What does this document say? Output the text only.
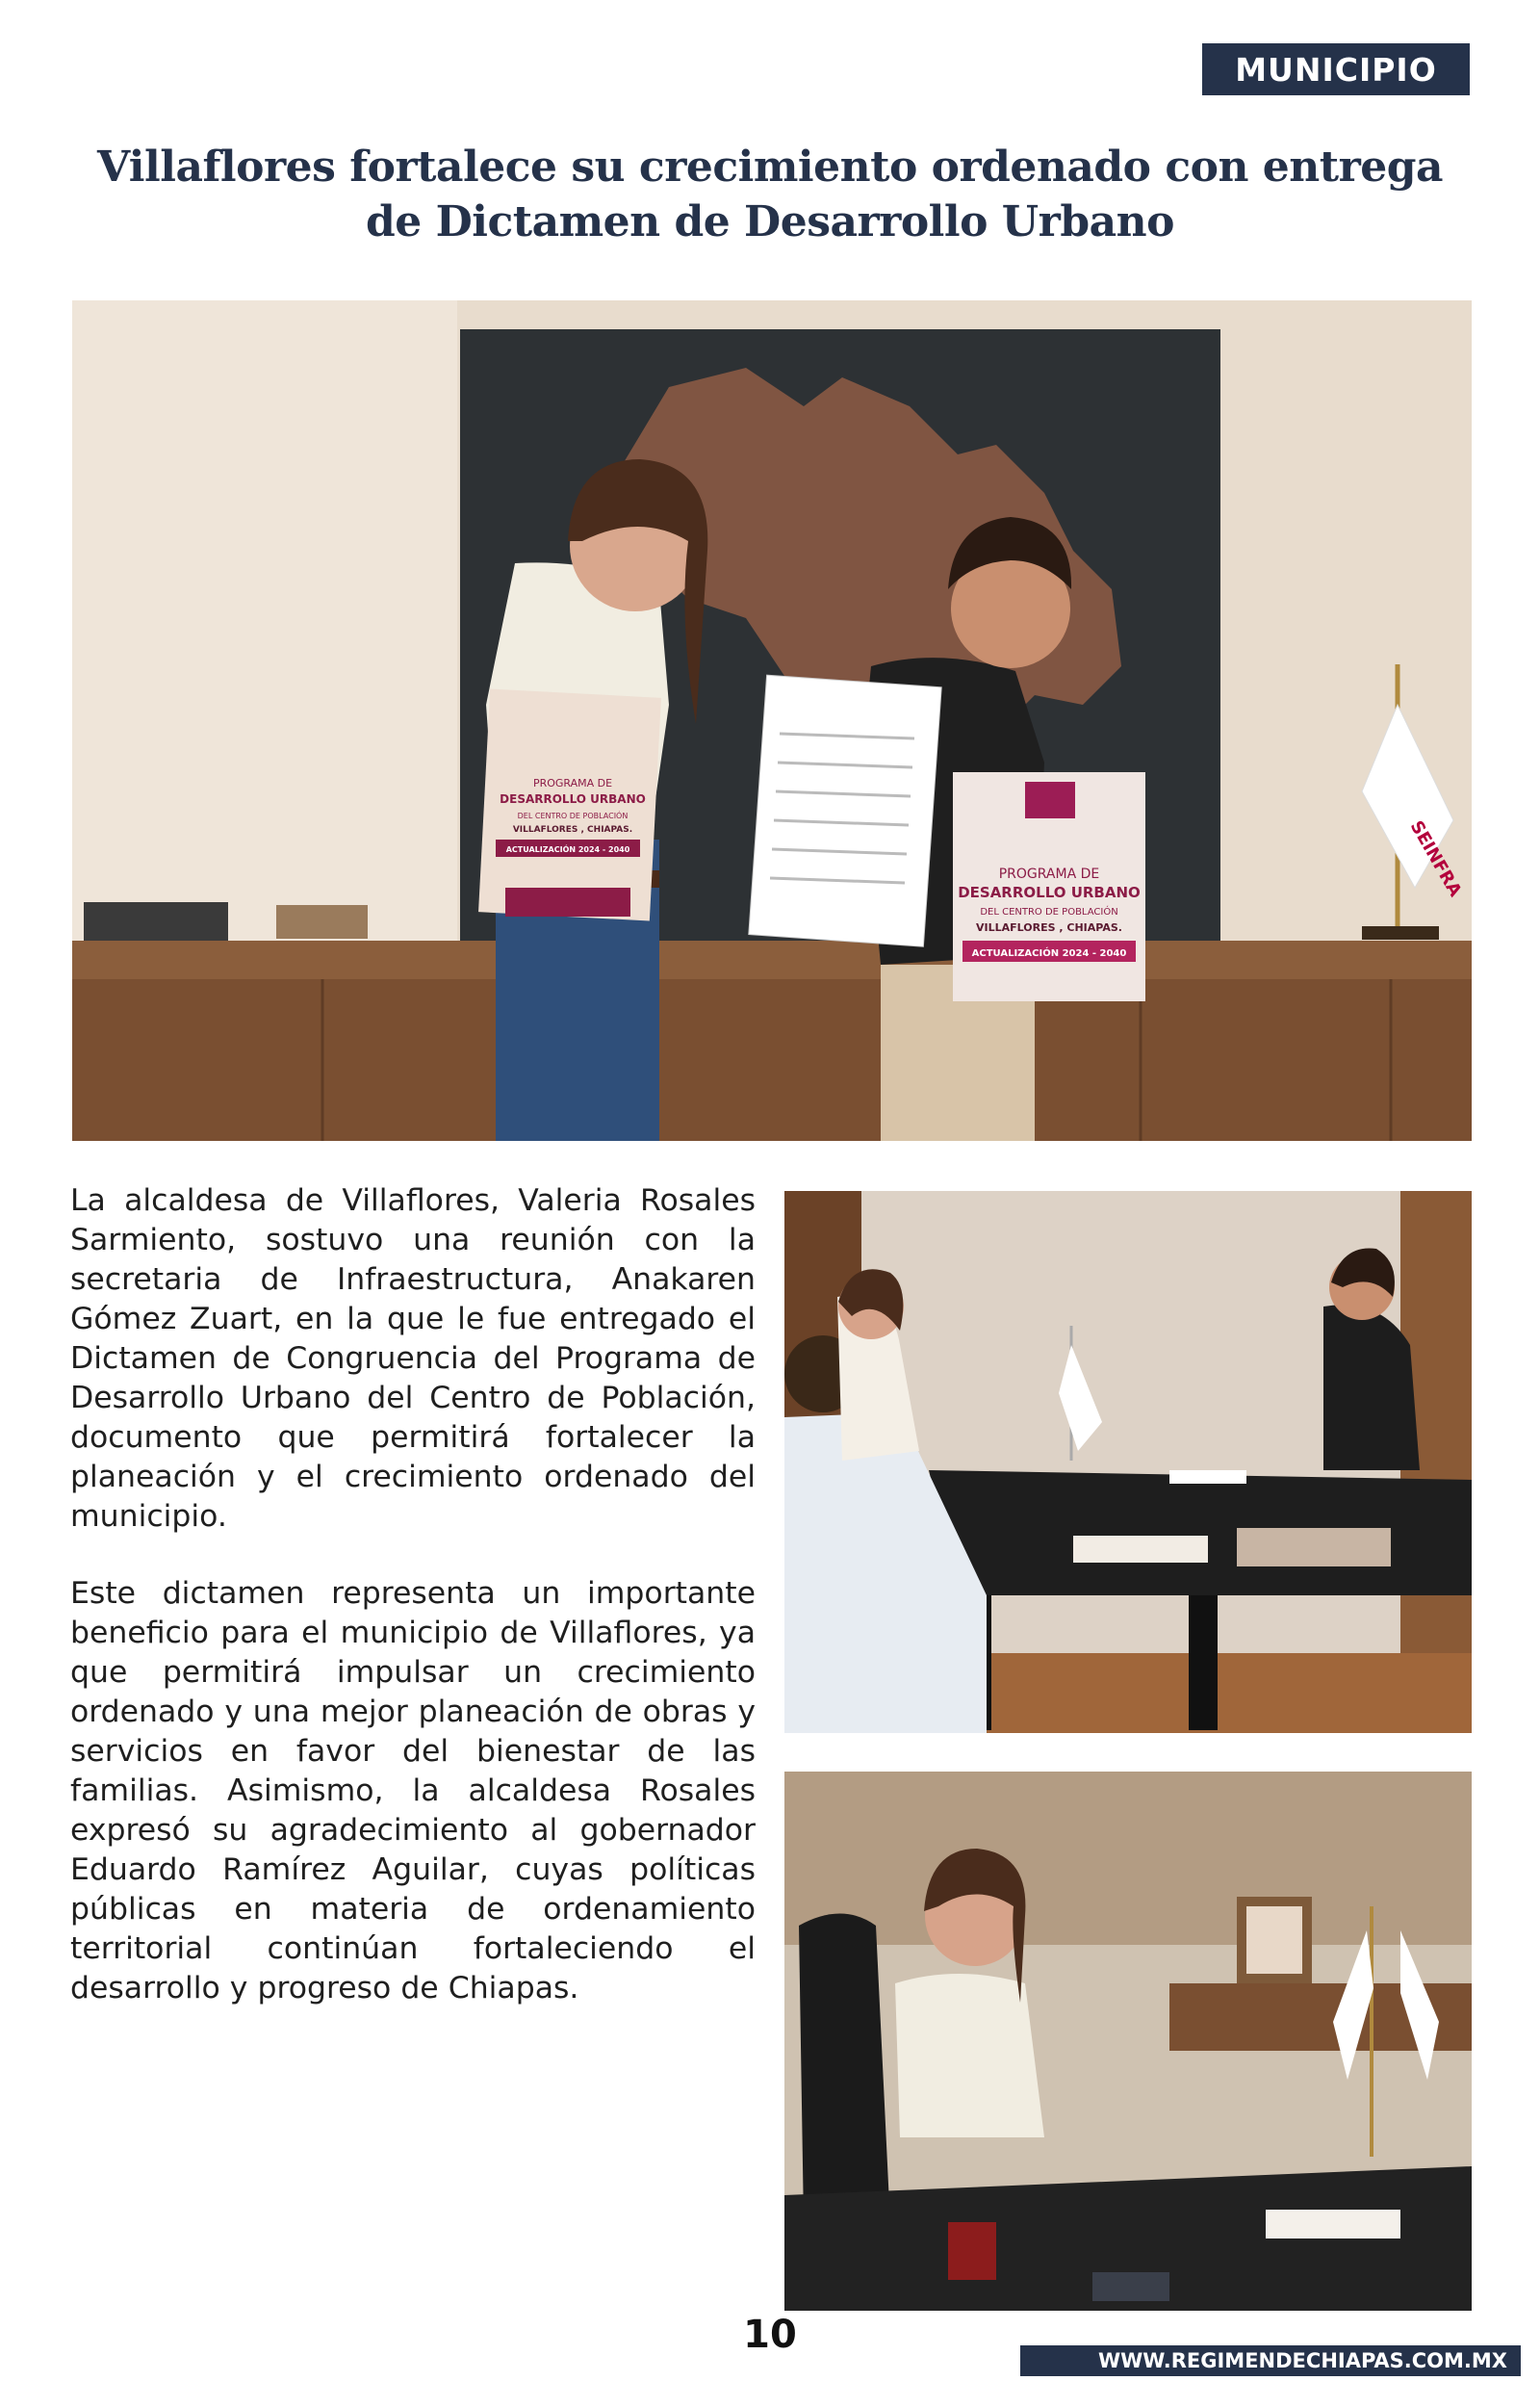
MUNICIPIO
Villaflores fortalece su crecimiento ordenado con entrega de Dictamen de Desarrollo Urbano
SEINFRA
PROGRAMA DE
DESARROLLO URBANO
DEL CENTRO DE POBLACIÓN
VILLAFLORES , CHIAPAS.
ACTUALIZACIÓN 2024 - 2040
PROGRAMA DE
DESARROLLO URBANO
DEL CENTRO DE POBLACIÓN
VILLAFLORES , CHIAPAS.
ACTUALIZACIÓN 2024 - 2040

La alcaldesa de Villaflores, Valeria Rosales Sarmiento, sostuvo una reunión con la secretaria de Infraestructura, Anakaren Gómez Zuart, en la que le fue entregado el Dictamen de Congruencia del Programa de Desarrollo Urbano del Centro de Población, documento que permitirá fortalecer la planeación y el crecimiento ordenado del municipio.

Este dictamen representa un importante beneficio para el municipio de Villaflores, ya que permitirá impulsar un crecimiento ordenado y una mejor planeación de obras y servicios en favor del bienestar de las familias. Asimismo, la alcaldesa Rosales expresó su agradecimiento al gobernador Eduardo Ramírez Aguilar, cuyas políticas públicas en materia de ordenamiento territorial continúan fortaleciendo el desarrollo y progreso de Chiapas.

10
WWW.REGIMENDECHIAPAS.COM.MX
